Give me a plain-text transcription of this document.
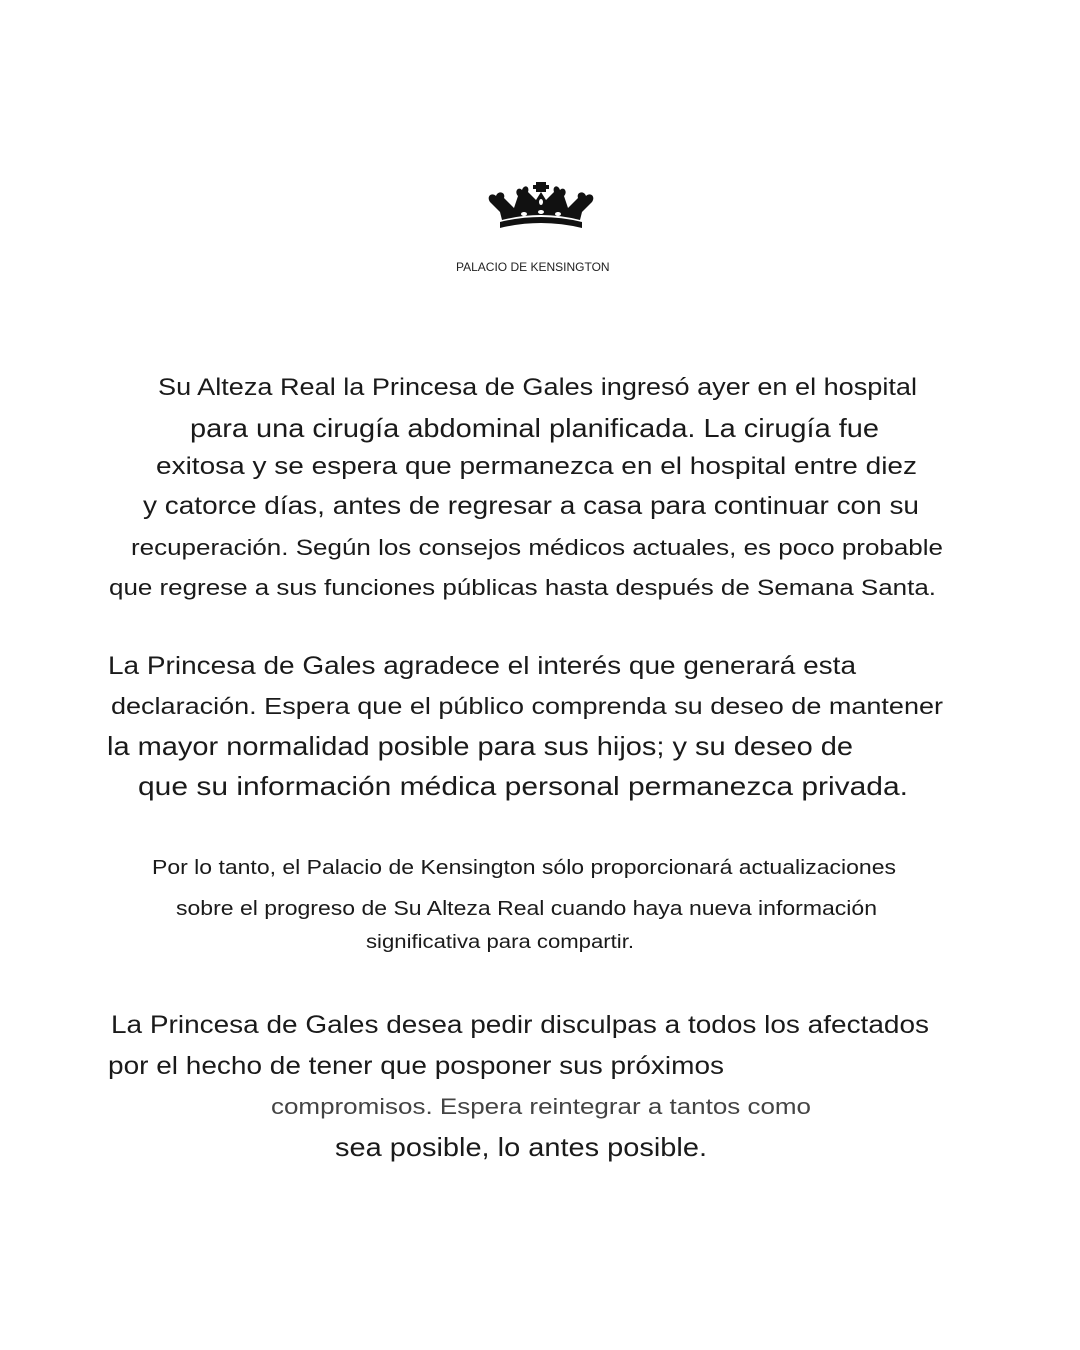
PALACIO DE KENSINGTON
Su Alteza Real la Princesa de Gales ingresó ayer en el hospital
para una cirugía abdominal planificada. La cirugía fue
exitosa y se espera que permanezca en el hospital entre diez
y catorce días, antes de regresar a casa para continuar con su
recuperación. Según los consejos médicos actuales, es poco probable
que regrese a sus funciones públicas hasta después de Semana Santa.
La Princesa de Gales agradece el interés que generará esta
declaración. Espera que el público comprenda su deseo de mantener
la mayor normalidad posible para sus hijos; y su deseo de
que su información médica personal permanezca privada.
Por lo tanto, el Palacio de Kensington sólo proporcionará actualizaciones
sobre el progreso de Su Alteza Real cuando haya nueva información
significativa para compartir.
La Princesa de Gales desea pedir disculpas a todos los afectados
por el hecho de tener que posponer sus próximos
compromisos. Espera reintegrar a tantos como
sea posible, lo antes posible.
